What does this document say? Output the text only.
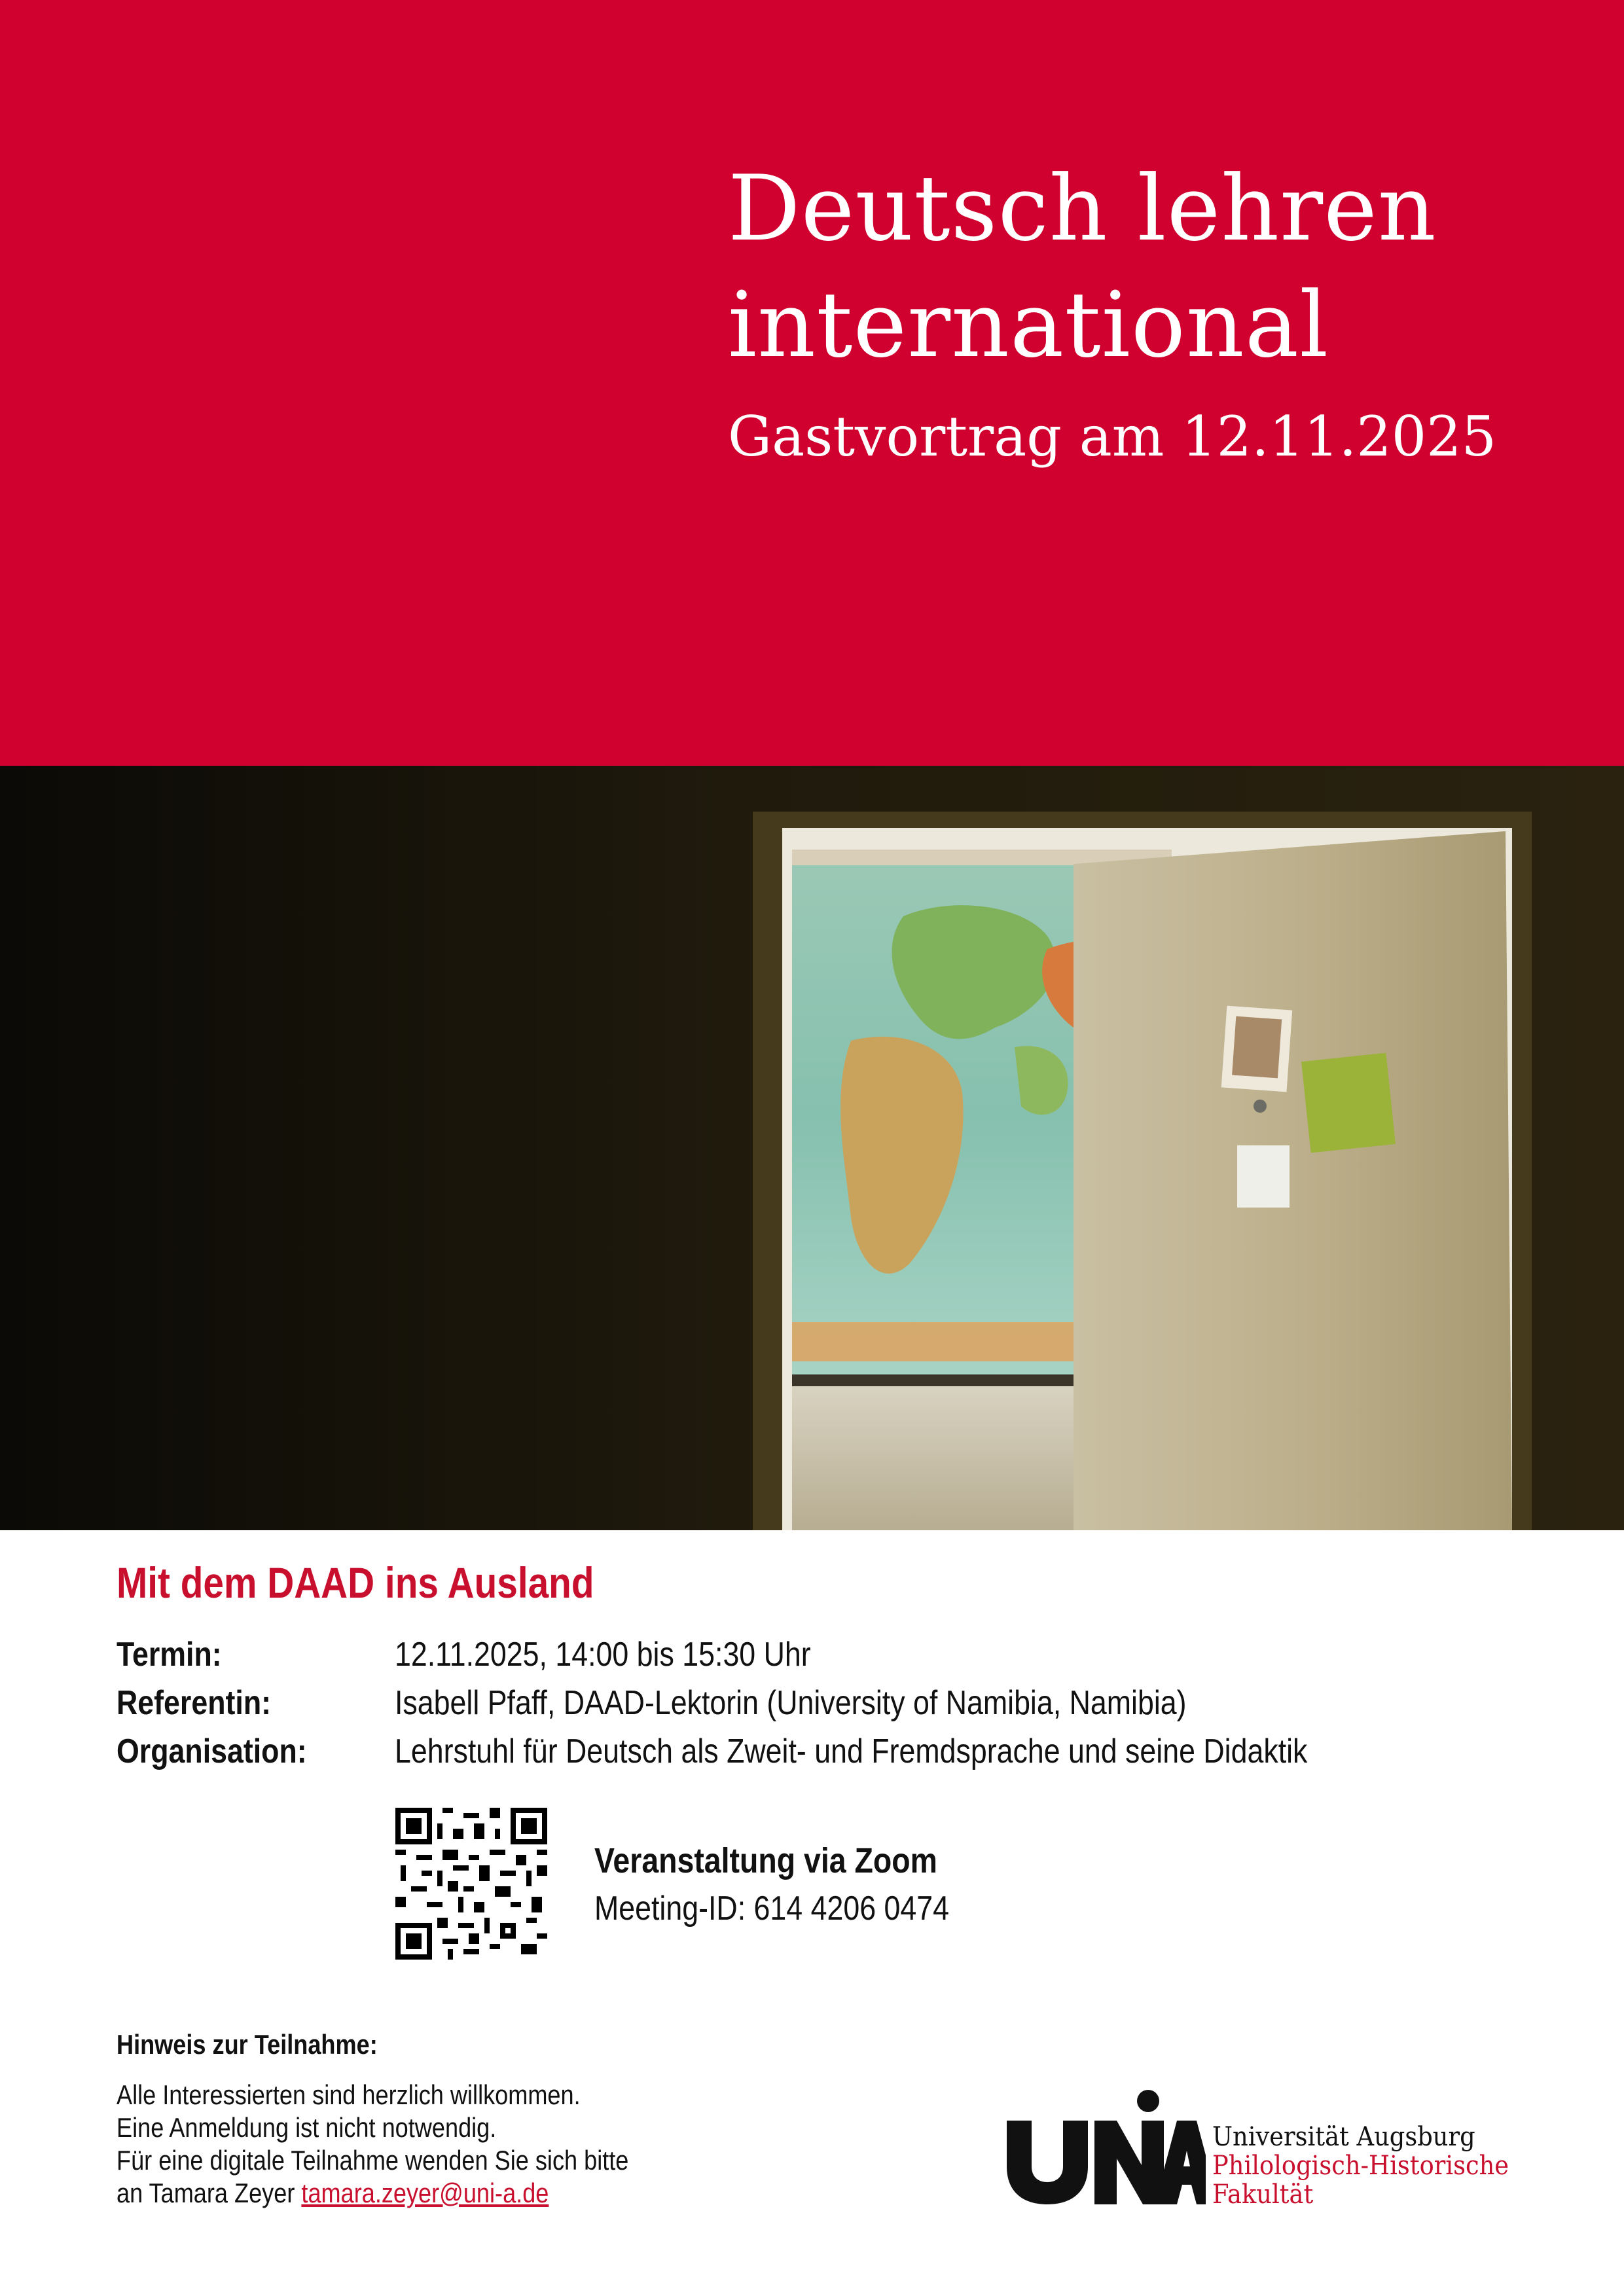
Deutsch lehren
international
Gastvortrag am 12.11.2025
Mit dem DAAD ins Ausland
Termin:	12.11.2025, 14:00 bis 15:30 Uhr
Referentin:	Isabell Pfaff, DAAD-Lektorin (University of Namibia, Namibia)
Organisation:	Lehrstuhl für Deutsch als Zweit- und Fremdsprache und seine Didaktik
Veranstaltung via Zoom
Meeting-ID: 614 4206 0474
Hinweis zur Teilnahme:
Alle Interessierten sind herzlich willkommen.
Eine Anmeldung ist nicht notwendig.
Für eine digitale Teilnahme wenden Sie sich bitte
an Tamara Zeyer tamara.zeyer@uni-a.de
Universität Augsburg
Philologisch-Historische
Fakultät
